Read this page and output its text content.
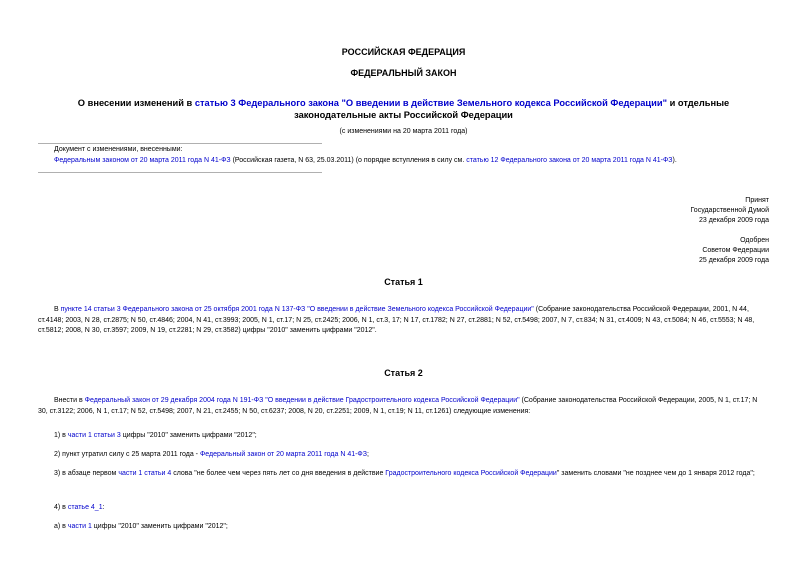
РОССИЙСКАЯ ФЕДЕРАЦИЯ
ФЕДЕРАЛЬНЫЙ ЗАКОН
О внесении изменений в статью 3 Федерального закона "О введении в действие Земельного кодекса Российской Федерации" и отдельные законодательные акты Российской Федерации
(с изменениями на 20 марта 2011 года)
Документ с изменениями, внесенными:
Федеральным законом от 20 марта 2011 года N 41-ФЗ (Российская газета, N 63, 25.03.2011) (о порядке вступления в силу см. статью 12 Федерального закона от 20 марта 2011 года N 41-ФЗ).
Принят
Государственной Думой
23 декабря 2009 года
Одобрен
Советом Федерации
25 декабря 2009 года
Статья 1

В пункте 14 статьи 3 Федерального закона от 25 октября 2001 года N 137-ФЗ "О введении в действие Земельного кодекса Российской Федерации" (Собрание законодательства Российской Федерации, 2001, N 44, ст.4148; 2003, N 28, ст.2875; N 50, ст.4846; 2004, N 41, ст.3993; 2005, N 1, ст.17; N 25, ст.2425; 2006, N 1, ст.3, 17; N 17, ст.1782; N 27, ст.2881; N 52, ст.5498; 2007, N 7, ст.834; N 31, ст.4009; N 43, ст.5084; N 46, ст.5553; N 48, ст.5812; 2008, N 30, ст.3597; 2009, N 19, ст.2281; N 29, ст.3582) цифры "2010" заменить цифрами "2012".

Статья 2

Внести в Федеральный закон от 29 декабря 2004 года N 191-ФЗ "О введении в действие Градостроительного кодекса Российской Федерации" (Собрание законодательства Российской Федерации, 2005, N 1, ст.17; N 30, ст.3122; 2006, N 1, ст.17; N 52, ст.5498; 2007, N 21, ст.2455; N 50, ст.6237; 2008, N 20, ст.2251; 2009, N 1, ст.19; N 11, ст.1261) следующие изменения:

1) в части 1 статьи 3 цифры "2010" заменить цифрами "2012";

2) пункт утратил силу с 25 марта 2011 года - Федеральный закон от 20 марта 2011 года N 41-ФЗ;

3) в абзаце первом части 1 статьи 4 слова "не более чем через пять лет со дня введения в действие Градостроительного кодекса Российской Федерации" заменить словами "не позднее чем до 1 января 2012 года";

4) в статье 4_1:

а) в части 1 цифры "2010" заменить цифрами "2012";
